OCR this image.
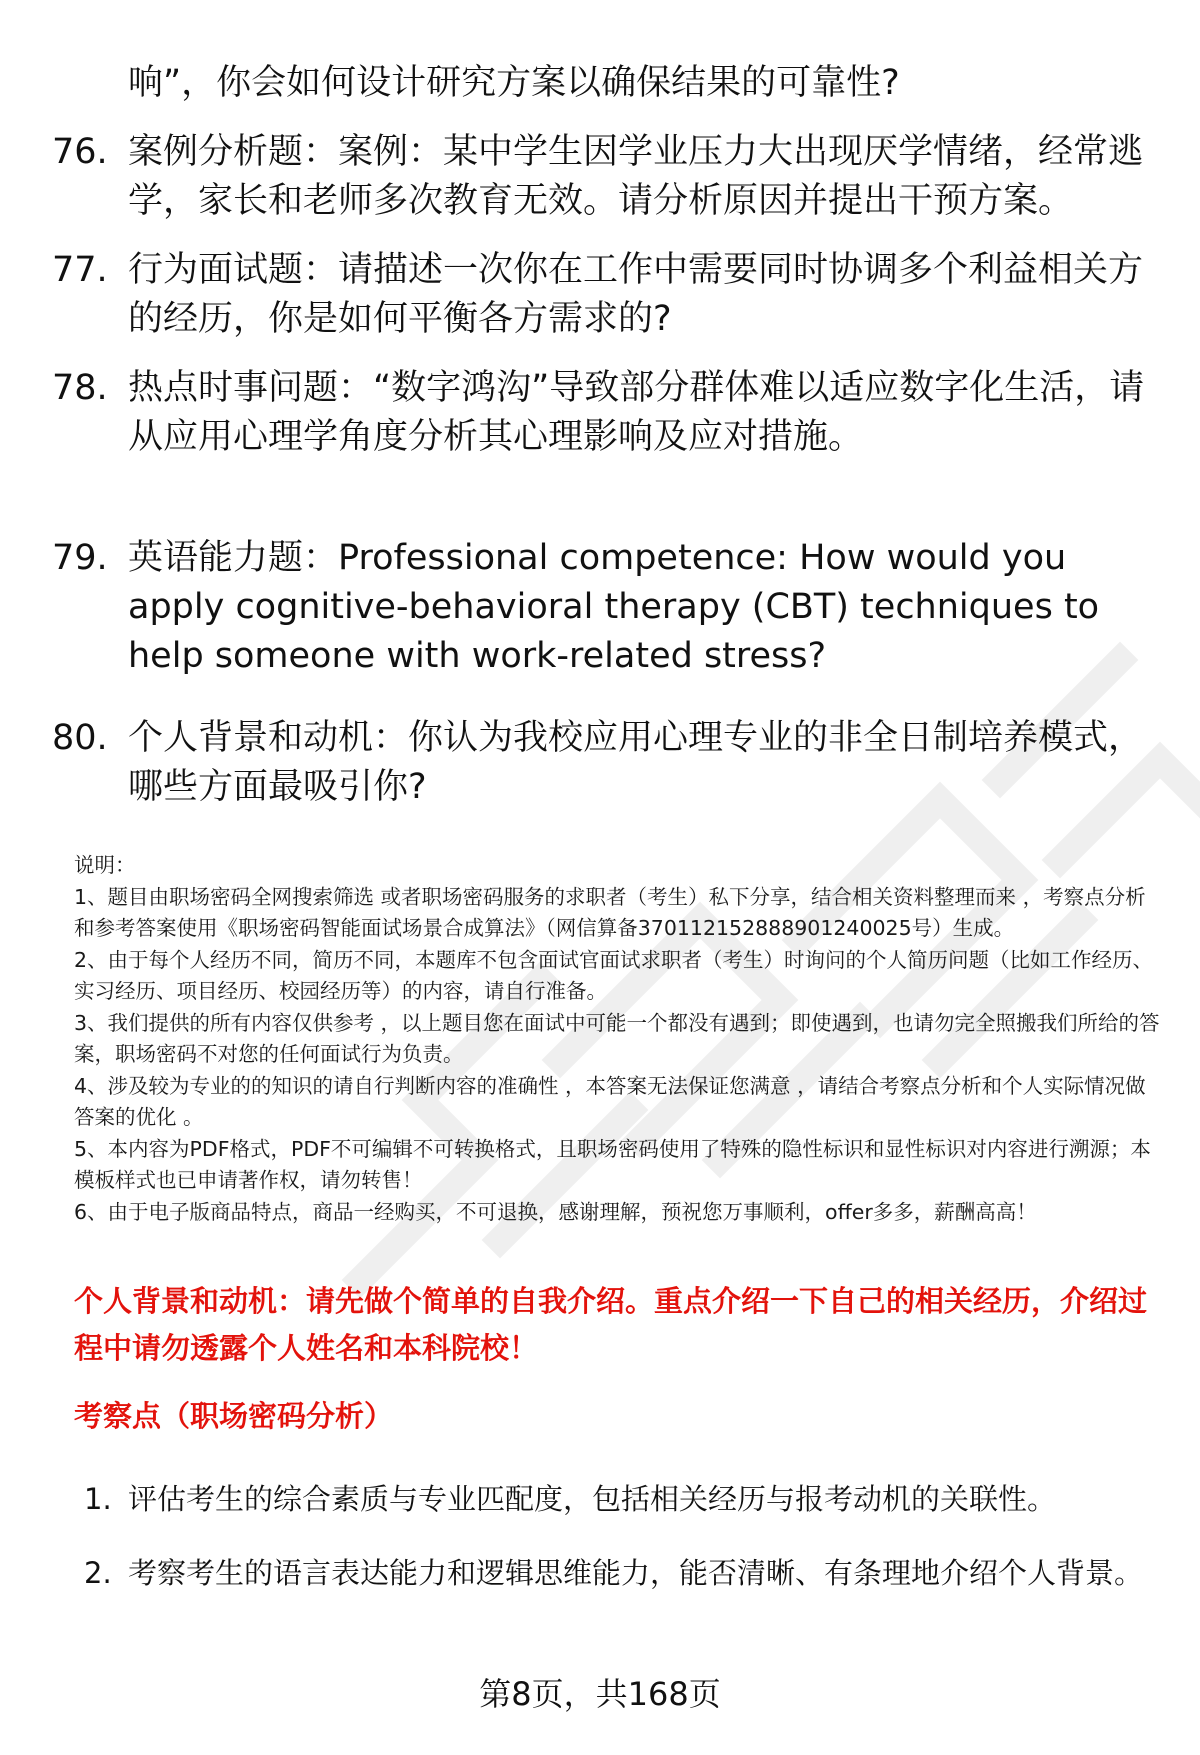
响”，你会如何设计研究方案以确保结果的可靠性?
76. 案例分析题：案例：某中学生因学业压力大出现厌学情绪，经常逃学，家长和老师多次教育无效。请分析原因并提出干预方案。
77. 行为面试题：请描述一次你在工作中需要同时协调多个利益相关方的经历，你是如何平衡各方需求的?
78. 热点时事问题：“数字鸿沟”导致部分群体难以适应数字化生活，请从应用心理学角度分析其心理影响及应对措施。
79. 英语能力题：Professional competence: How would you apply cognitive-behavioral therapy (CBT) techniques to help someone with work-related stress?
80. 个人背景和动机：你认为我校应用心理专业的非全日制培养模式，哪些方面最吸引你?

说明：

1、题目由职场密码全网搜索筛选 或者职场密码服务的求职者（考生）私下分享，结合相关资料整理而来 ，考察点分析和参考答案使用《职场密码智能面试场景合成算法》（网信算备370112152888901240025号）生成。

2、由于每个人经历不同，简历不同，本题库不包含面试官面试求职者（考生）时询问的个人简历问题（比如工作经历、实习经历、项目经历、校园经历等）的内容，请自行准备。

3、我们提供的所有内容仅供参考 ，以上题目您在面试中可能一个都没有遇到；即使遇到，也请勿完全照搬我们所给的答案，职场密码不对您的任何面试行为负责。

4、涉及较为专业的的知识的请自行判断内容的准确性 ，本答案无法保证您满意 ，请结合考察点分析和个人实际情况做答案的优化 。

5、本内容为PDF格式，PDF不可编辑不可转换格式，且职场密码使用了特殊的隐性标识和显性标识对内容进行溯源；本模板样式也已申请著作权，请勿转售！

6、由于电子版商品特点，商品一经购买，不可退换，感谢理解，预祝您万事顺利，offer多多，薪酬高高！

个人背景和动机：请先做个简单的自我介绍。重点介绍一下自己的相关经历，介绍过程中请勿透露个人姓名和本科院校！
考察点（职场密码分析）
1. 评估考生的综合素质与专业匹配度，包括相关经历与报考动机的关联性。
2. 考察考生的语言表达能力和逻辑思维能力，能否清晰、有条理地介绍个人背景。
第8页，共168页
